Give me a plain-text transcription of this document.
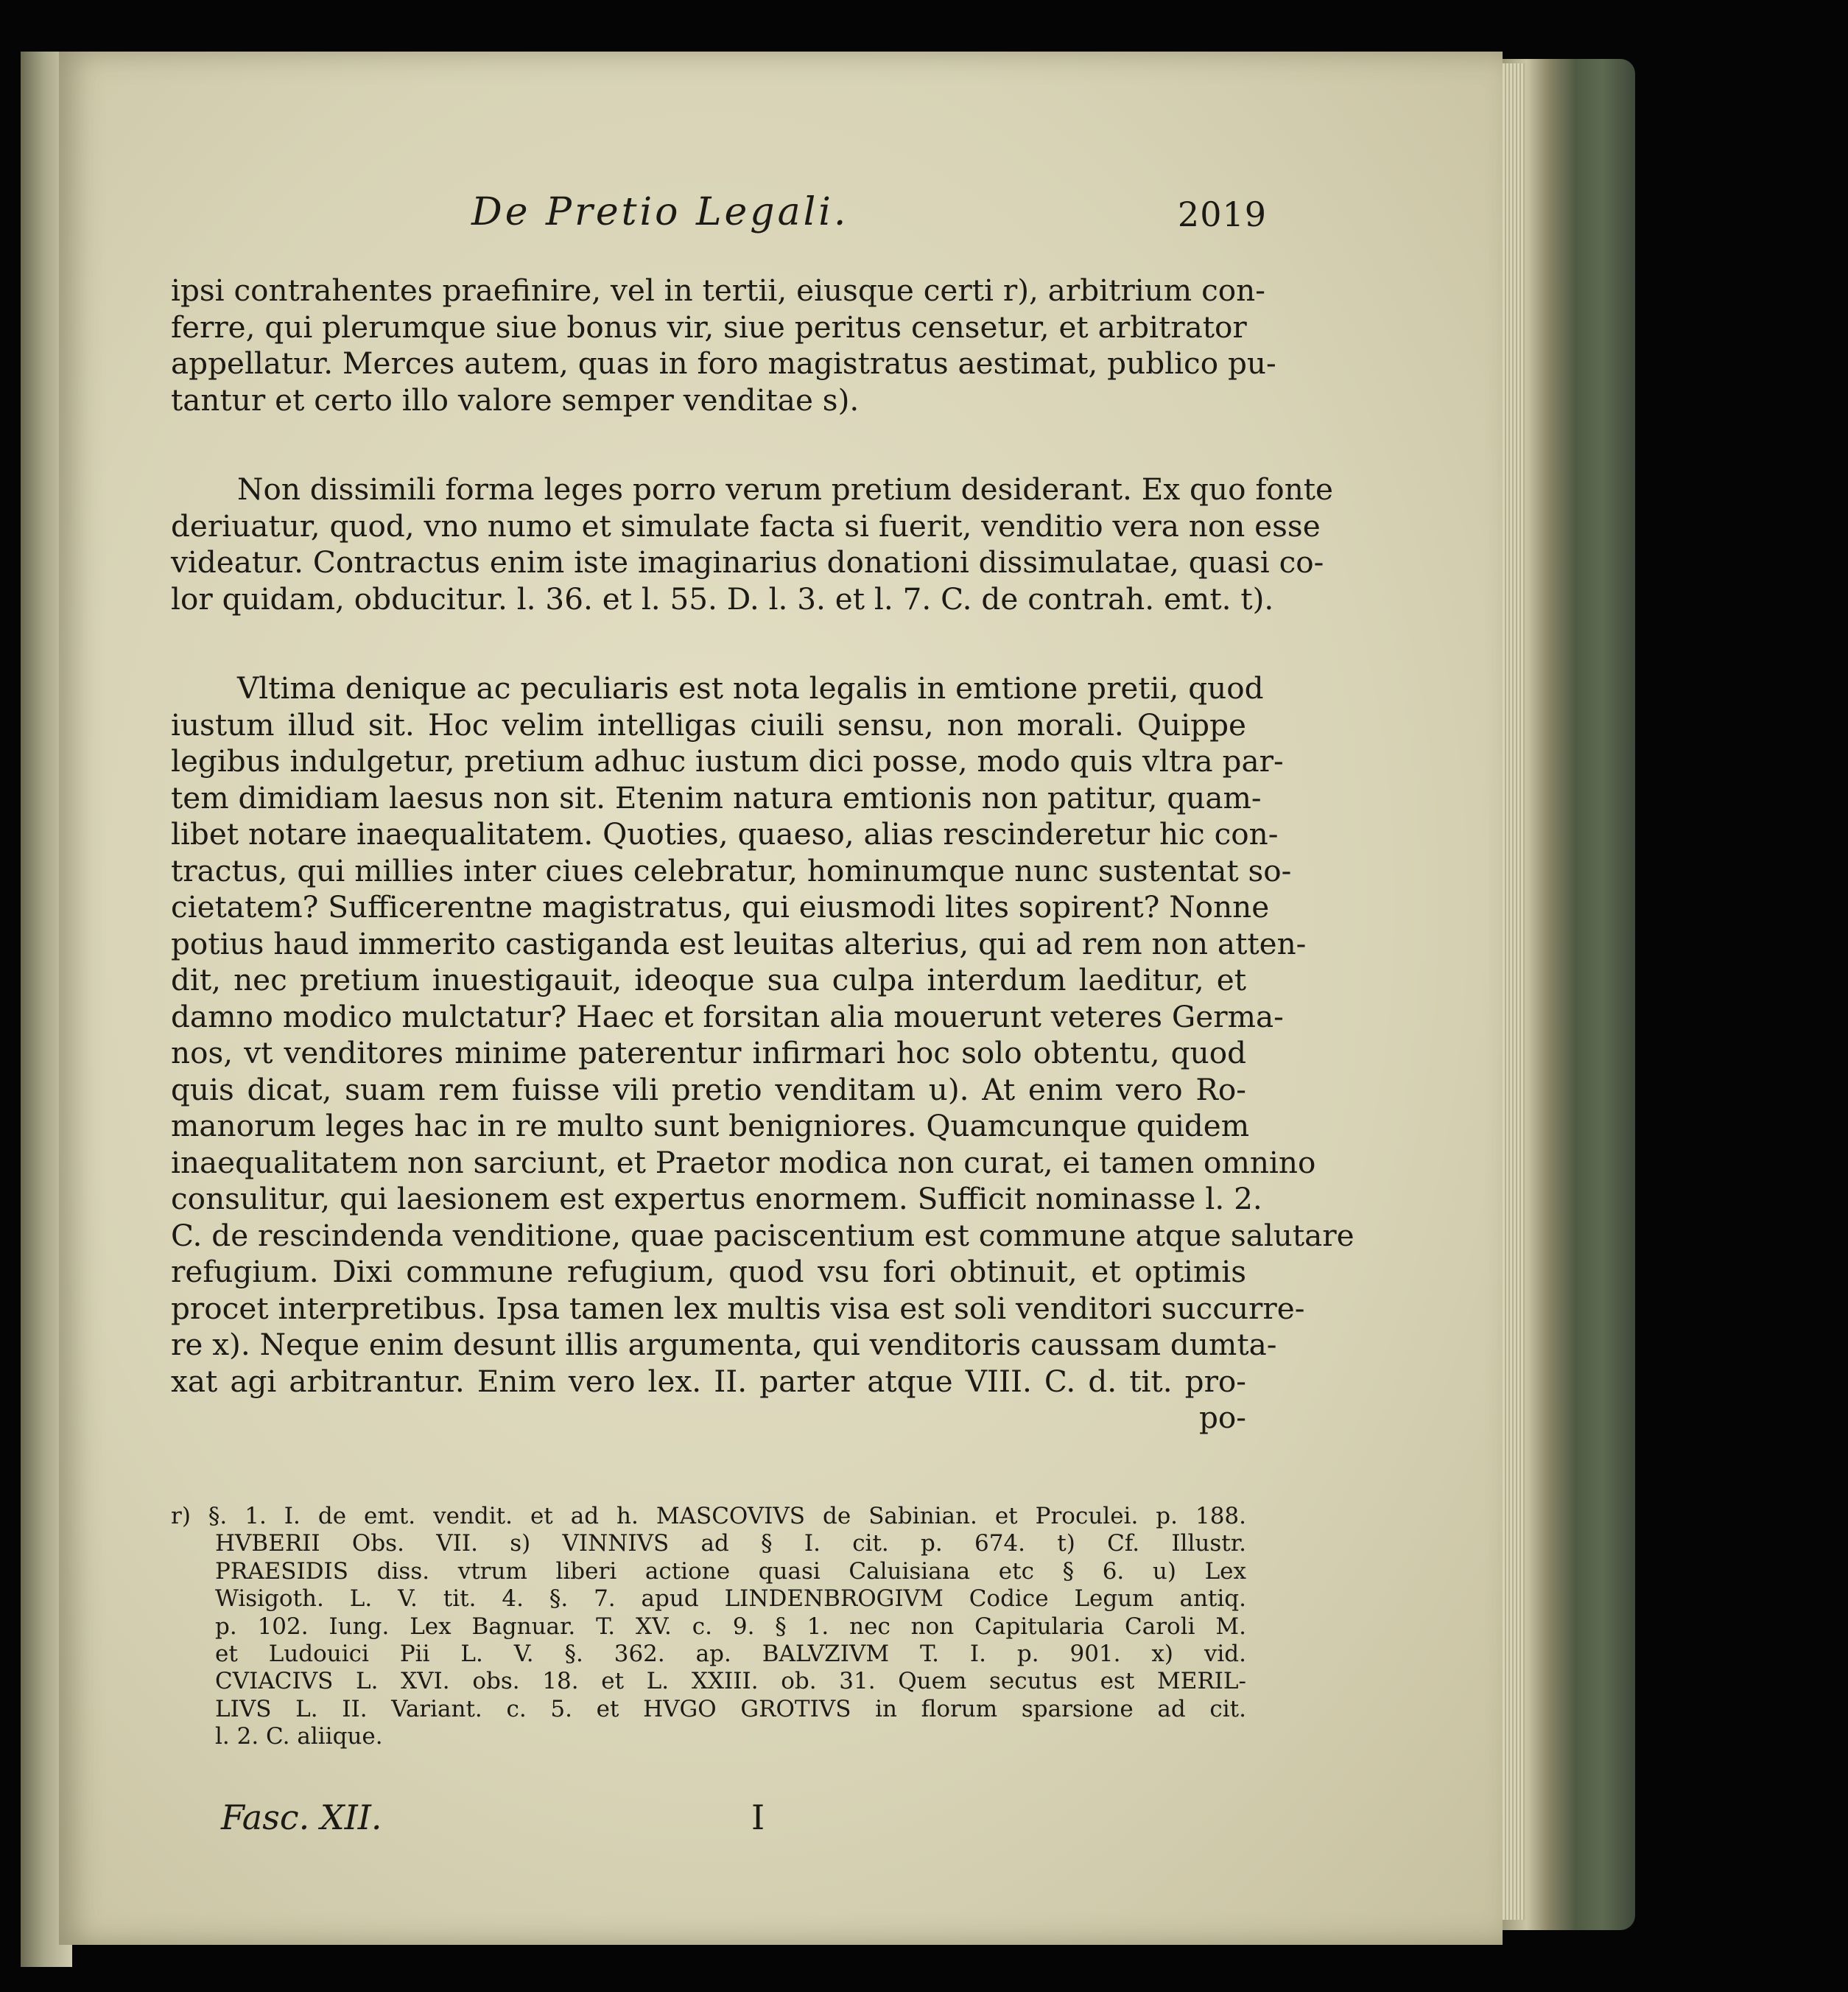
De Pretio Legali.	2019
ipsi contrahentes praefinire, vel in tertii, eiusque certi r), arbitrium con-
ferre, qui plerumque siue bonus vir, siue peritus censetur, et arbitrator
appellatur. Merces autem, quas in foro magistratus aestimat, publico pu-
tantur et certo illo valore semper venditae s).
Non dissimili forma leges porro verum pretium desiderant. Ex quo fonte
deriuatur, quod, vno numo et simulate facta si fuerit, venditio vera non esse
videatur. Contractus enim iste imaginarius donationi dissimulatae, quasi co-
lor quidam, obducitur. l. 36. et l. 55. D. l. 3. et l. 7. C. de contrah. emt. t).
Vltima denique ac peculiaris est nota legalis in emtione pretii, quod
iustum illud sit. Hoc velim intelligas ciuili sensu, non morali. Quippe
legibus indulgetur, pretium adhuc iustum dici posse, modo quis vltra par-
tem dimidiam laesus non sit. Etenim natura emtionis non patitur, quam-
libet notare inaequalitatem. Quoties, quaeso, alias rescinderetur hic con-
tractus, qui millies inter ciues celebratur, hominumque nunc sustentat so-
cietatem? Sufficerentne magistratus, qui eiusmodi lites sopirent? Nonne
potius haud immerito castiganda est leuitas alterius, qui ad rem non atten-
dit, nec pretium inuestigauit, ideoque sua culpa interdum laeditur, et
damno modico mulctatur? Haec et forsitan alia mouerunt veteres Germa-
nos, vt venditores minime paterentur infirmari hoc solo obtentu, quod
quis dicat, suam rem fuisse vili pretio venditam u). At enim vero Ro-
manorum leges hac in re multo sunt benigniores. Quamcunque quidem
inaequalitatem non sarciunt, et Praetor modica non curat, ei tamen omnino
consulitur, qui laesionem est expertus enormem. Sufficit nominasse l. 2.
C. de rescindenda venditione, quae paciscentium est commune atque salutare
refugium. Dixi commune refugium, quod vsu fori obtinuit, et optimis
procet interpretibus. Ipsa tamen lex multis visa est soli venditori succurre-
re x). Neque enim desunt illis argumenta, qui venditoris caussam dumta-
xat agi arbitrantur. Enim vero lex. II. parter atque VIII. C. d. tit. pro-
po-
r) §. 1. I. de emt. vendit. et ad h. MASCOVIVS de Sabinian. et Proculei. p. 188.
HVBERII Obs. VII. s) VINNIVS ad § I. cit. p. 674. t) Cf. Illustr.
PRAESIDIS diss. vtrum liberi actione quasi Caluisiana etc § 6. u) Lex
Wisigoth. L. V. tit. 4. §. 7. apud LINDENBROGIVM Codice Legum antiq.
p. 102. Iung. Lex Bagnuar. T. XV. c. 9. § 1. nec non Capitularia Caroli M.
et Ludouici Pii L. V. §. 362. ap. BALVZIVM T. I. p. 901. x) vid.
CVIACIVS L. XVI. obs. 18. et L. XXIII. ob. 31. Quem secutus est MERIL-
LIVS L. II. Variant. c. 5. et HVGO GROTIVS in florum sparsione ad cit.
l. 2. C. aliique.
Fasc. XII.	I
